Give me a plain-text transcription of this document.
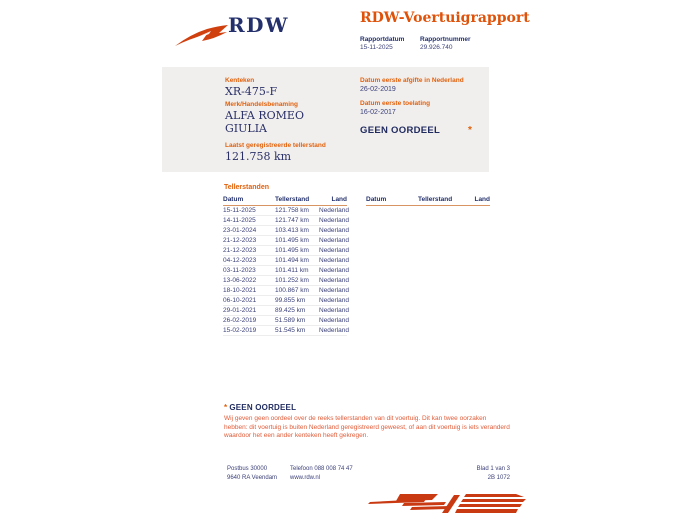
RDW	RDW-Voertuigrapport
Rapportdatum
15-11-2025
Rapportnummer
29.926.740
Kenteken
XR-475-F
Merk/Handelsbenaming
ALFA ROMEO
GIULIA
Laatst geregistreerde tellerstand
121.758 km
Datum eerste afgifte in Nederland
26-02-2019
Datum eerste toelating
16-02-2017
GEEN OORDEEL	*
Tellerstanden
Datum	Tellerstand	Land
15-11-2025	121.758 km	Nederland
14-11-2025	121.747 km	Nederland
23-01-2024	103.413 km	Nederland
21-12-2023	101.495 km	Nederland
21-12-2023	101.495 km	Nederland
04-12-2023	101.494 km	Nederland
03-11-2023	101.411 km	Nederland
13-06-2022	101.252 km	Nederland
18-10-2021	100.867 km	Nederland
06-10-2021	99.855 km	Nederland
29-01-2021	89.425 km	Nederland
26-02-2019	51.589 km	Nederland
15-02-2019	51.545 km	Nederland
Datum	Tellerstand	Land
* GEEN OORDEEL
Wij geven geen oordeel over de reeks tellerstanden van dit voertuig. Dit kan twee oorzaken hebben: dit voertuig is buiten Nederland geregistreerd geweest, of aan dit voertuig is iets veranderd waardoor het een ander kenteken heeft gekregen.
Postbus 30000
9640 RA Veendam
Telefoon 088 008 74 47
www.rdw.nl
Blad 1 van 3
2B 1072
